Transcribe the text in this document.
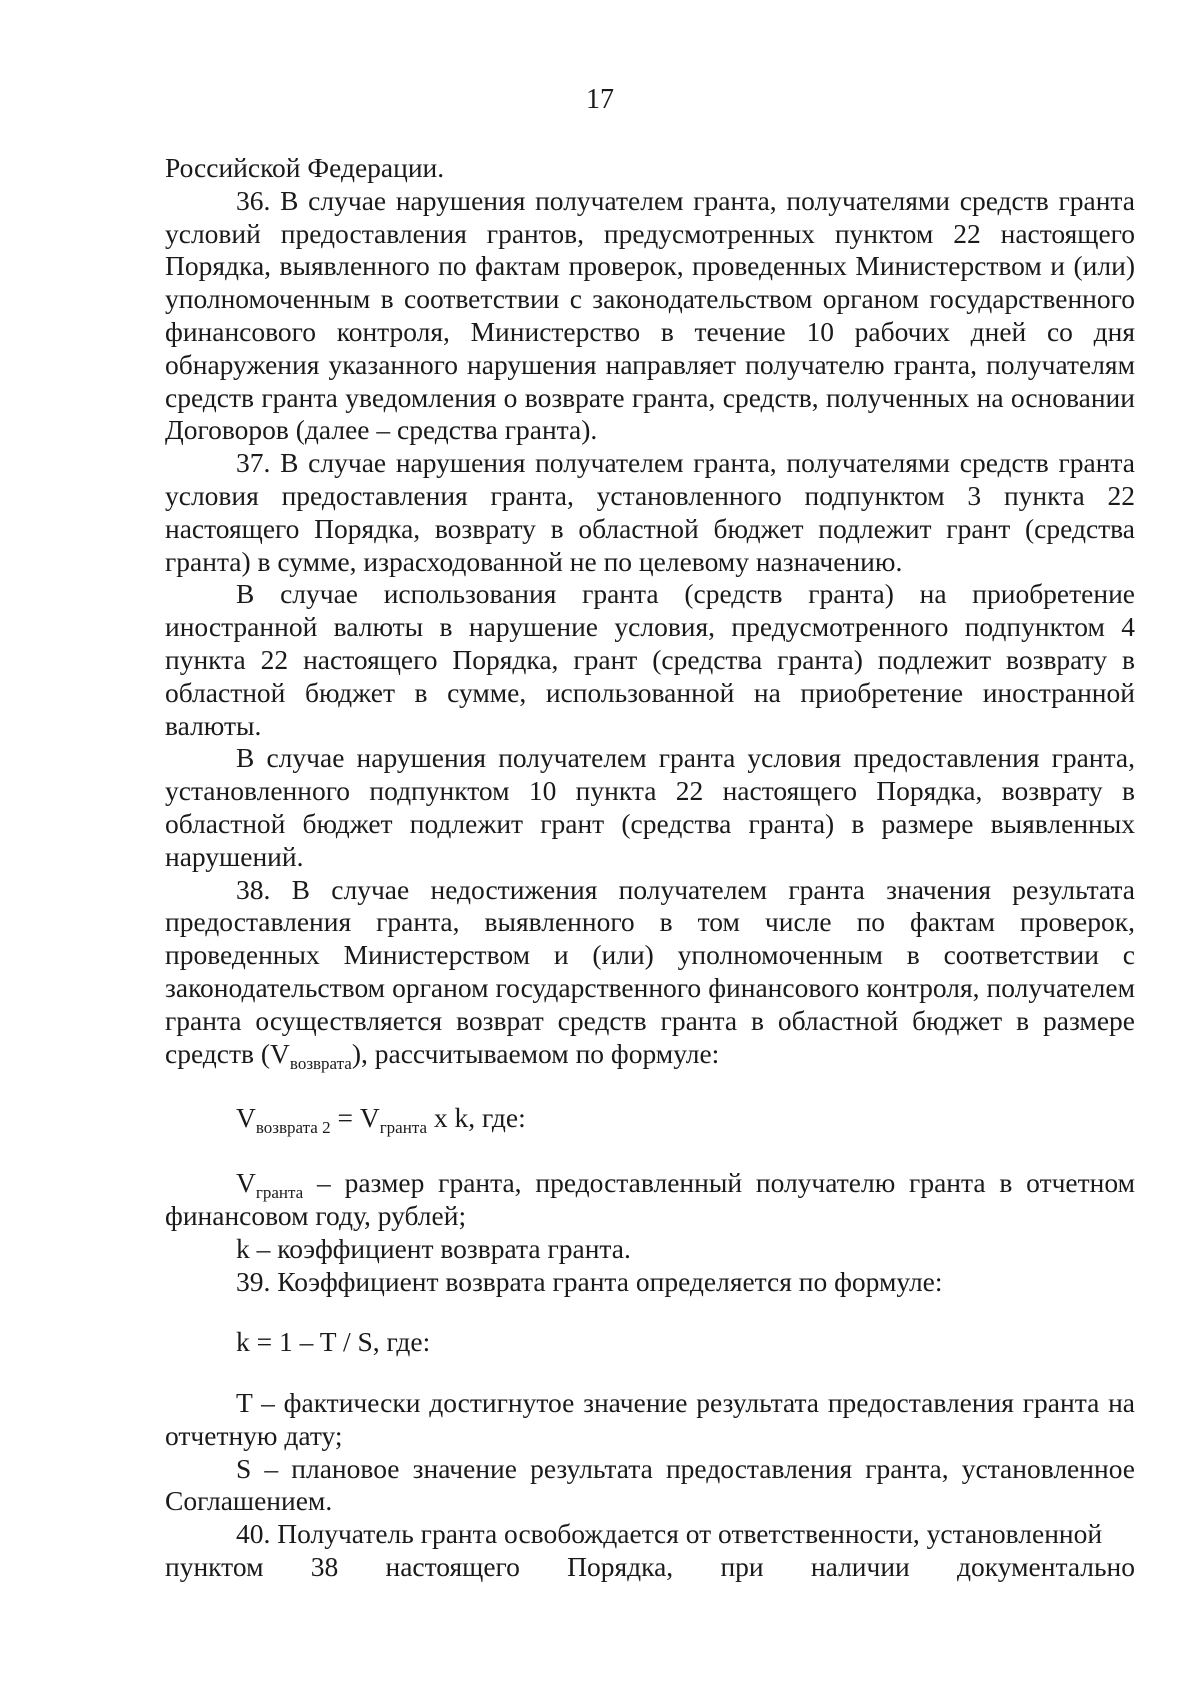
17

Российской Федерации.

36. В случае нарушения получателем гранта, получателями средств гранта условий предоставления грантов, предусмотренных пунктом 22 настоящего Порядка, выявленного по фактам проверок, проведенных Министерством и (или) уполномоченным в соответствии с законодательством органом государственного финансового контроля, Министерство в течение 10 рабочих дней со дня обнаружения указанного нарушения направляет получателю гранта, получателям средств гранта уведомления о возврате гранта, средств, полученных на основании Договоров (далее – средства гранта).

37. В случае нарушения получателем гранта, получателями средств гранта условия предоставления гранта, установленного подпунктом 3 пункта 22 настоящего Порядка, возврату в областной бюджет подлежит грант (средства гранта) в сумме, израсходованной не по целевому назначению.

В случае использования гранта (средств гранта) на приобретение иностранной валюты в нарушение условия, предусмотренного подпунктом 4 пункта 22 настоящего Порядка, грант (средства гранта) подлежит возврату в областной бюджет в сумме, использованной на приобретение иностранной валюты.

В случае нарушения получателем гранта условия предоставления гранта, установленного подпунктом 10 пункта 22 настоящего Порядка, возврату в областной бюджет подлежит грант (средства гранта) в размере выявленных нарушений.

38. В случае недостижения получателем гранта значения результата предоставления гранта, выявленного в том числе по фактам проверок, проведенных Министерством и (или) уполномоченным в соответствии с законодательством органом государственного финансового контроля, получателем гранта осуществляется возврат средств гранта в областной бюджет в размере средств $(V_{возврата})$, рассчитываемом по формуле:

$V_{возврата 2} = V_{гранта}$ x k, где:

$V_{гранта}$ – размер гранта, предоставленный получателю гранта в отчетном финансовом году, рублей;

k – коэффициент возврата гранта.

39. Коэффициент возврата гранта определяется по формуле:

k = 1 – T / S, где:

T – фактически достигнутое значение результата предоставления гранта на отчетную дату;

S – плановое значение результата предоставления гранта, установленное Соглашением.

40. Получатель гранта освобождается от ответственности, установленной

пунктом 38 настоящего Порядка, при наличии документально
